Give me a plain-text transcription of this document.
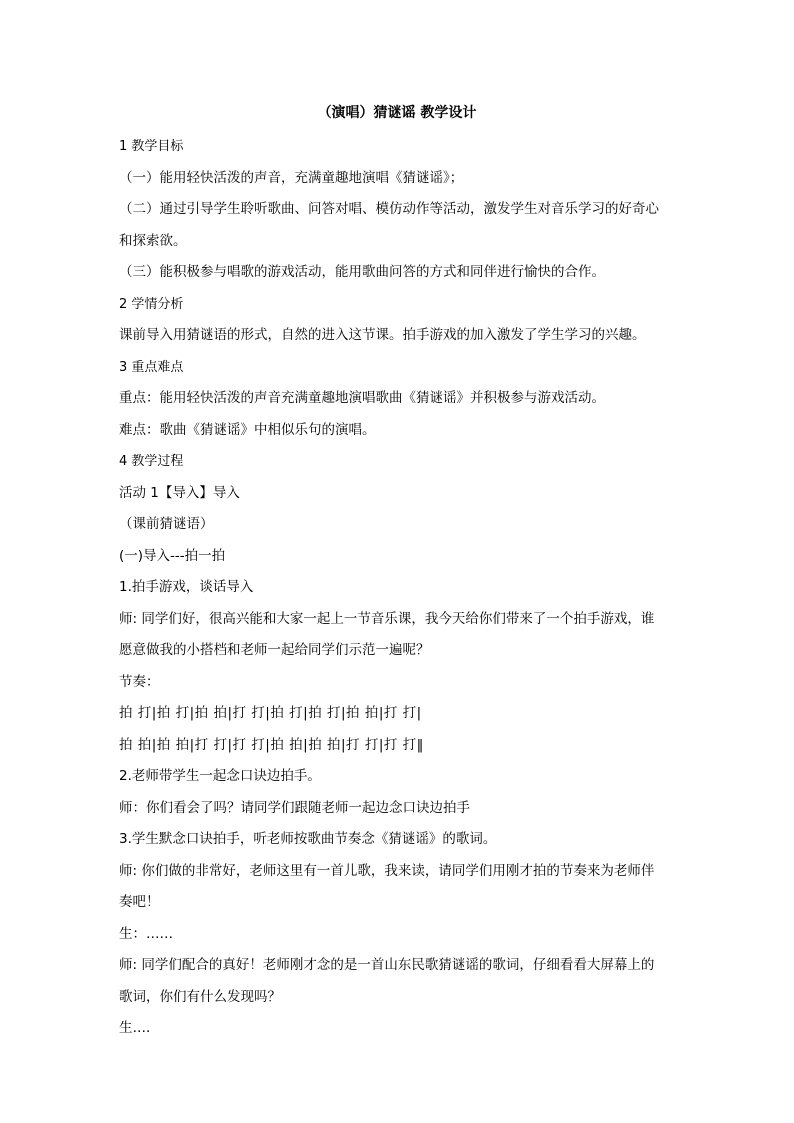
（演唱）猜谜谣 教学设计

1 教学目标

（一）能用轻快活泼的声音，充满童趣地演唱《猜谜谣》；

（二）通过引导学生聆听歌曲、问答对唱、模仿动作等活动，激发学生对音乐学习的好奇心

和探索欲。

（三）能积极参与唱歌的游戏活动，能用歌曲问答的方式和同伴进行愉快的合作。

2 学情分析

课前导入用猜谜语的形式，自然的进入这节课。拍手游戏的加入激发了学生学习的兴趣。

3 重点难点

重点：能用轻快活泼的声音充满童趣地演唱歌曲《猜谜谣》并积极参与游戏活动。

难点：歌曲《猜谜谣》中相似乐句的演唱。

4 教学过程

活动 1【导入】导入

（课前猜谜语）

(一)导入---拍一拍

1.拍手游戏，谈话导入

师: 同学们好，很高兴能和大家一起上一节音乐课，我今天给你们带来了一个拍手游戏，谁

愿意做我的小搭档和老师一起给同学们示范一遍呢？

节奏：

拍 打|拍 打|拍 拍|打 打|拍 打|拍 打|拍 拍|打 打|

拍 拍|拍 拍|打 打|打 打|拍 拍|拍 拍|打 打|打 打‖

2.老师带学生一起念口诀边拍手。

师：你们看会了吗？请同学们跟随老师一起边念口诀边拍手

3.学生默念口诀拍手，听老师按歌曲节奏念《猜谜谣》的歌词。

师: 你们做的非常好，老师这里有一首儿歌，我来读，请同学们用刚才拍的节奏来为老师伴

奏吧！

生：……

师: 同学们配合的真好！老师刚才念的是一首山东民歌猜谜谣的歌词，仔细看看大屏幕上的

歌词，你们有什么发现吗？

生….
